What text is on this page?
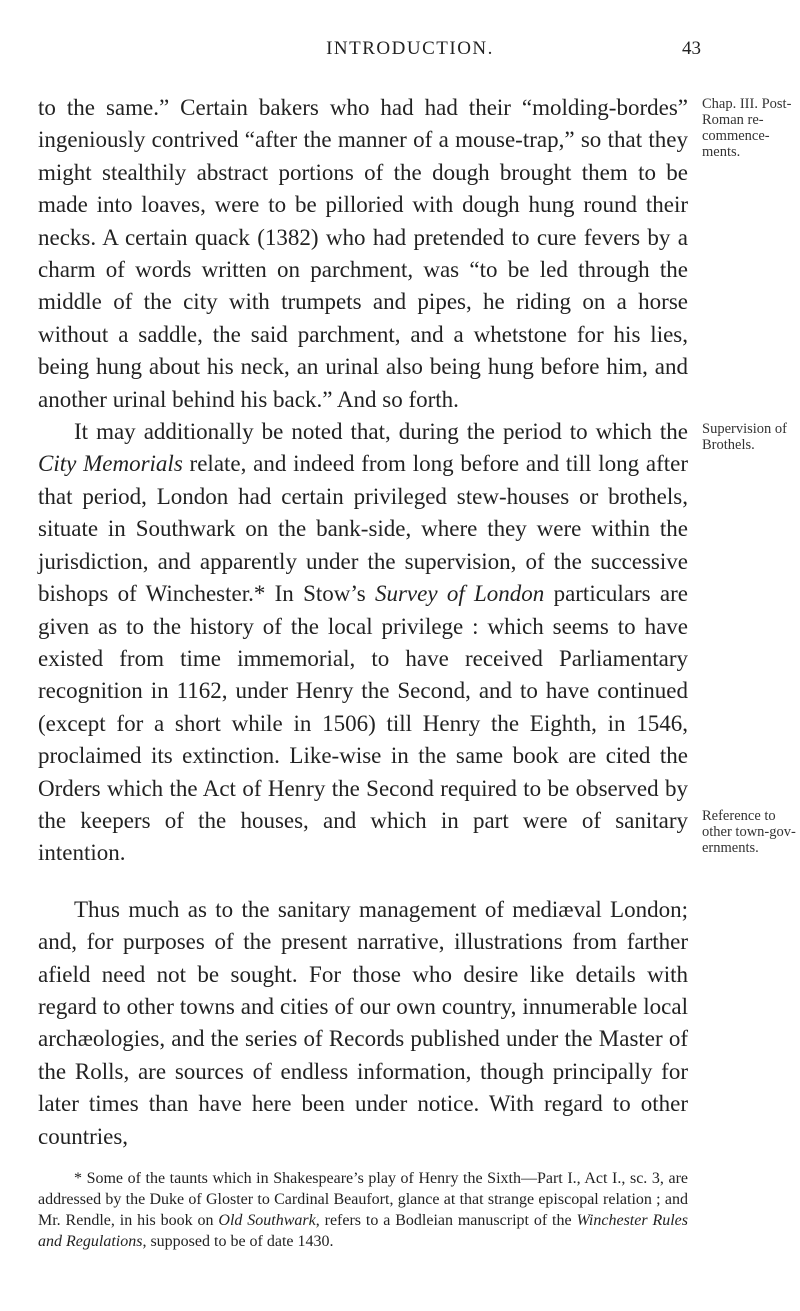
INTRODUCTION.	43
Chap. III. Post-Roman re-commence-ments.
Supervision of Brothels.
Reference to other town-gov-ernments.

to the same.” Certain bakers who had had their “molding-bordes” ingeniously contrived “after the manner of a mouse-trap,” so that they might stealthily abstract portions of the dough brought them to be made into loaves, were to be pilloried with dough hung round their necks. A certain quack (1382) who had pretended to cure fevers by a charm of words written on parchment, was “to be led through the middle of the city with trumpets and pipes, he riding on a horse without a saddle, the said parchment, and a whetstone for his lies, being hung about his neck, an urinal also being hung before him, and another urinal behind his back.” And so forth.

It may additionally be noted that, during the period to which the City Memorials relate, and indeed from long before and till long after that period, London had certain privileged stew-houses or brothels, situate in Southwark on the bank-side, where they were within the jurisdiction, and apparently under the supervision, of the successive bishops of Winchester.* In Stow’s Survey of London particulars are given as to the history of the local privilege : which seems to have existed from time immemorial, to have received Parliamentary recognition in 1162, under Henry the Second, and to have continued (except for a short while in 1506) till Henry the Eighth, in 1546, proclaimed its extinction. Like-wise in the same book are cited the Orders which the Act of Henry the Second required to be observed by the keepers of the houses, and which in part were of sanitary intention.

Thus much as to the sanitary management of mediæval London; and, for purposes of the present narrative, illustrations from farther afield need not be sought. For those who desire like details with regard to other towns and cities of our own country, innumerable local archæologies, and the series of Records published under the Master of the Rolls, are sources of endless information, though principally for later times than have here been under notice. With regard to other countries,

* Some of the taunts which in Shakespeare’s play of Henry the Sixth—Part I., Act I., sc. 3, are addressed by the Duke of Gloster to Cardinal Beaufort, glance at that strange episcopal relation ; and Mr. Rendle, in his book on Old Southwark, refers to a Bodleian manuscript of the Winchester Rules and Regulations, supposed to be of date 1430.
